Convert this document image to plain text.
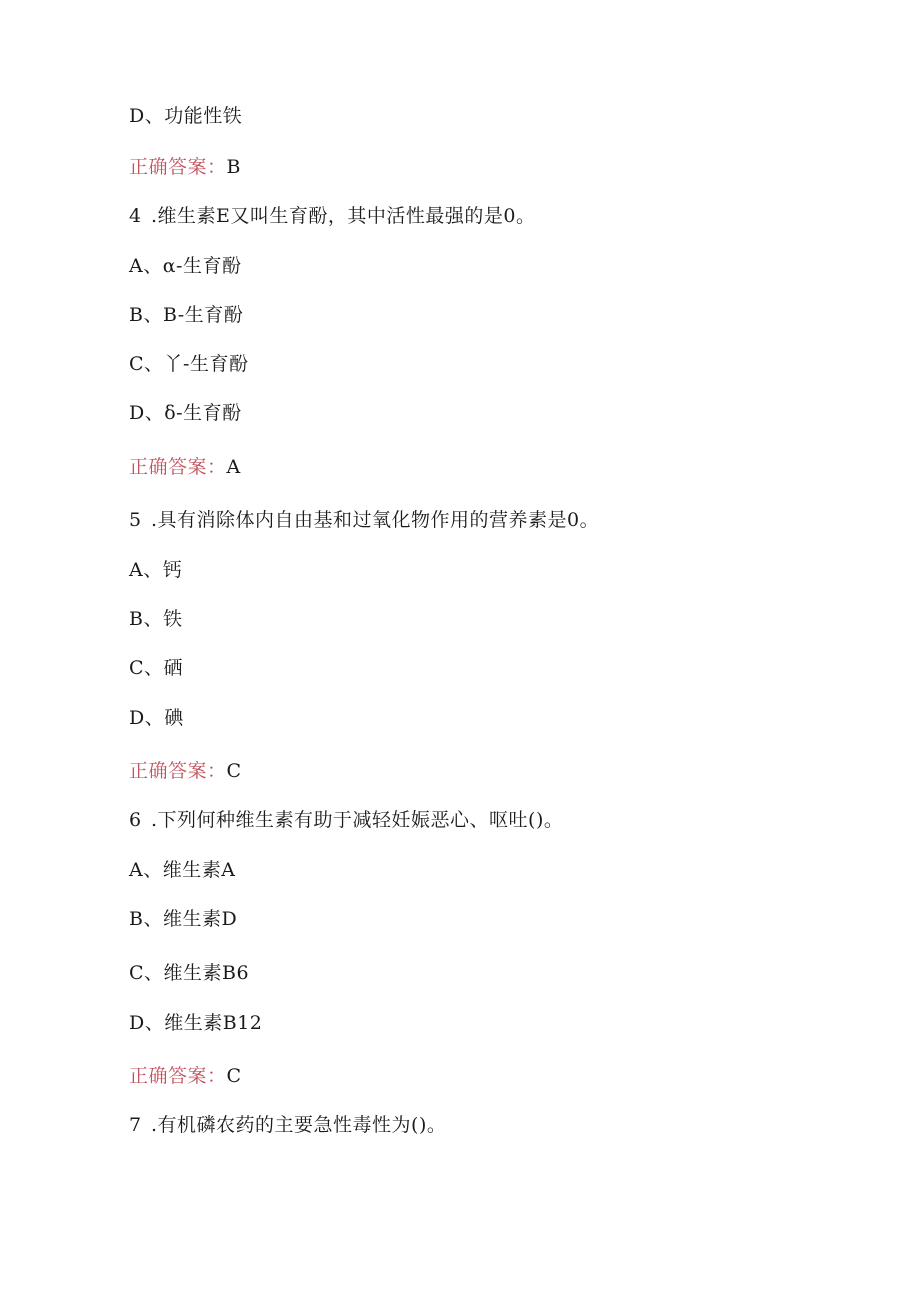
D、功能性铁
正确答案：B
4 .维生素E又叫生育酚，其中活性最强的是0。
A、α-生育酚
B、B-生育酚
C、丫-生育酚
D、δ-生育酚
正确答案：A
5 .具有消除体内自由基和过氧化物作用的营养素是0。
A、钙
B、铁
C、硒
D、碘
正确答案：C
6 .下列何种维生素有助于减轻妊娠恶心、呕吐()。
A、维生素A
B、维生素D
C、维生素B6
D、维生素B12
正确答案：C
7 .有机磷农药的主要急性毒性为()。
